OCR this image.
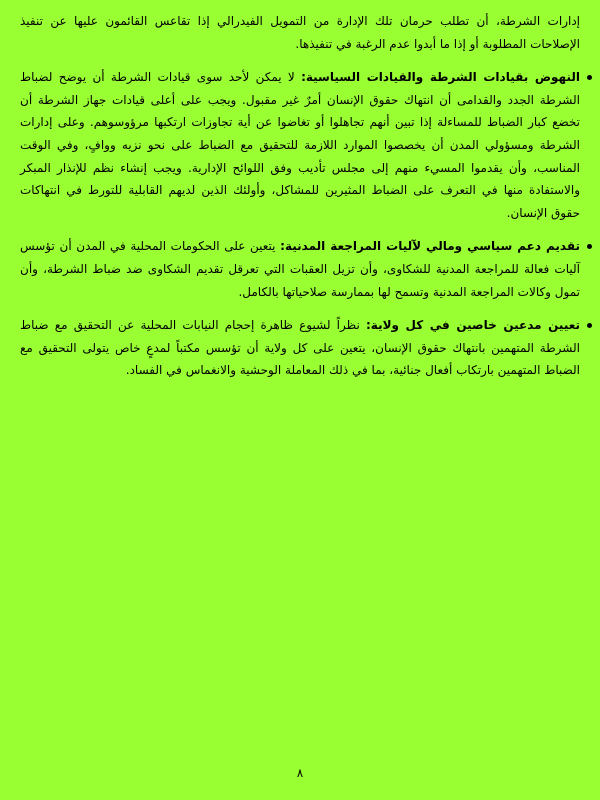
إدارات الشرطة، أن تطلب حرمان تلك الإدارة من التمويل الفيدرالي إذا تقاعس القائمون عليها عن تنفيذ الإصلاحات المطلوبة أو إذا ما أبدوا عدم الرغبة في تنفيذها.

النهوض بقيادات الشرطة والقيادات السياسية: لا يمكن لأحد سوى قيادات الشرطة أن يوضح لضباط الشرطة الجدد والقدامى أن انتهاك حقوق الإنسان أمرٌ غير مقبول. ويجب على أعلى قيادات جهاز الشرطة أن تخضع كبار الضباط للمساءلة إذا تبين أنهم تجاهلوا أو تغاضوا عن أية تجاوزات ارتكبها مرؤوسوهم. وعلى إدارات الشرطة ومسؤولي المدن أن يخصصوا الموارد اللازمة للتحقيق مع الضباط على نحو نزيه ووافٍ، وفي الوقت المناسب، وأن يقدموا المسيء منهم إلى مجلس تأديب وفق اللوائح الإدارية. ويجب إنشاء نظم للإنذار المبكر والاستفادة منها في التعرف على الضباط المثيرين للمشاكل، وأولئك الذين لديهم القابلية للتورط في انتهاكات حقوق الإنسان.
تقديم دعم سياسي ومالي لآليات المراجعة المدنية: يتعين على الحكومات المحلية في المدن أن تؤسس آليات فعالة للمراجعة المدنية للشكاوى، وأن تزيل العقبات التي تعرقل تقديم الشكاوى ضد ضباط الشرطة، وأن تمول وكالات المراجعة المدنية وتسمح لها بممارسة صلاحياتها بالكامل.
تعيين مدعين خاصين في كل ولاية: نظراً لشيوع ظاهرة إحجام النيابات المحلية عن التحقيق مع ضباط الشرطة المتهمين بانتهاك حقوق الإنسان، يتعين على كل ولاية أن تؤسس مكتباً لمدعٍ خاص يتولى التحقيق مع الضباط المتهمين بارتكاب أفعال جنائية، بما في ذلك المعاملة الوحشية والانغماس في الفساد.
٨
